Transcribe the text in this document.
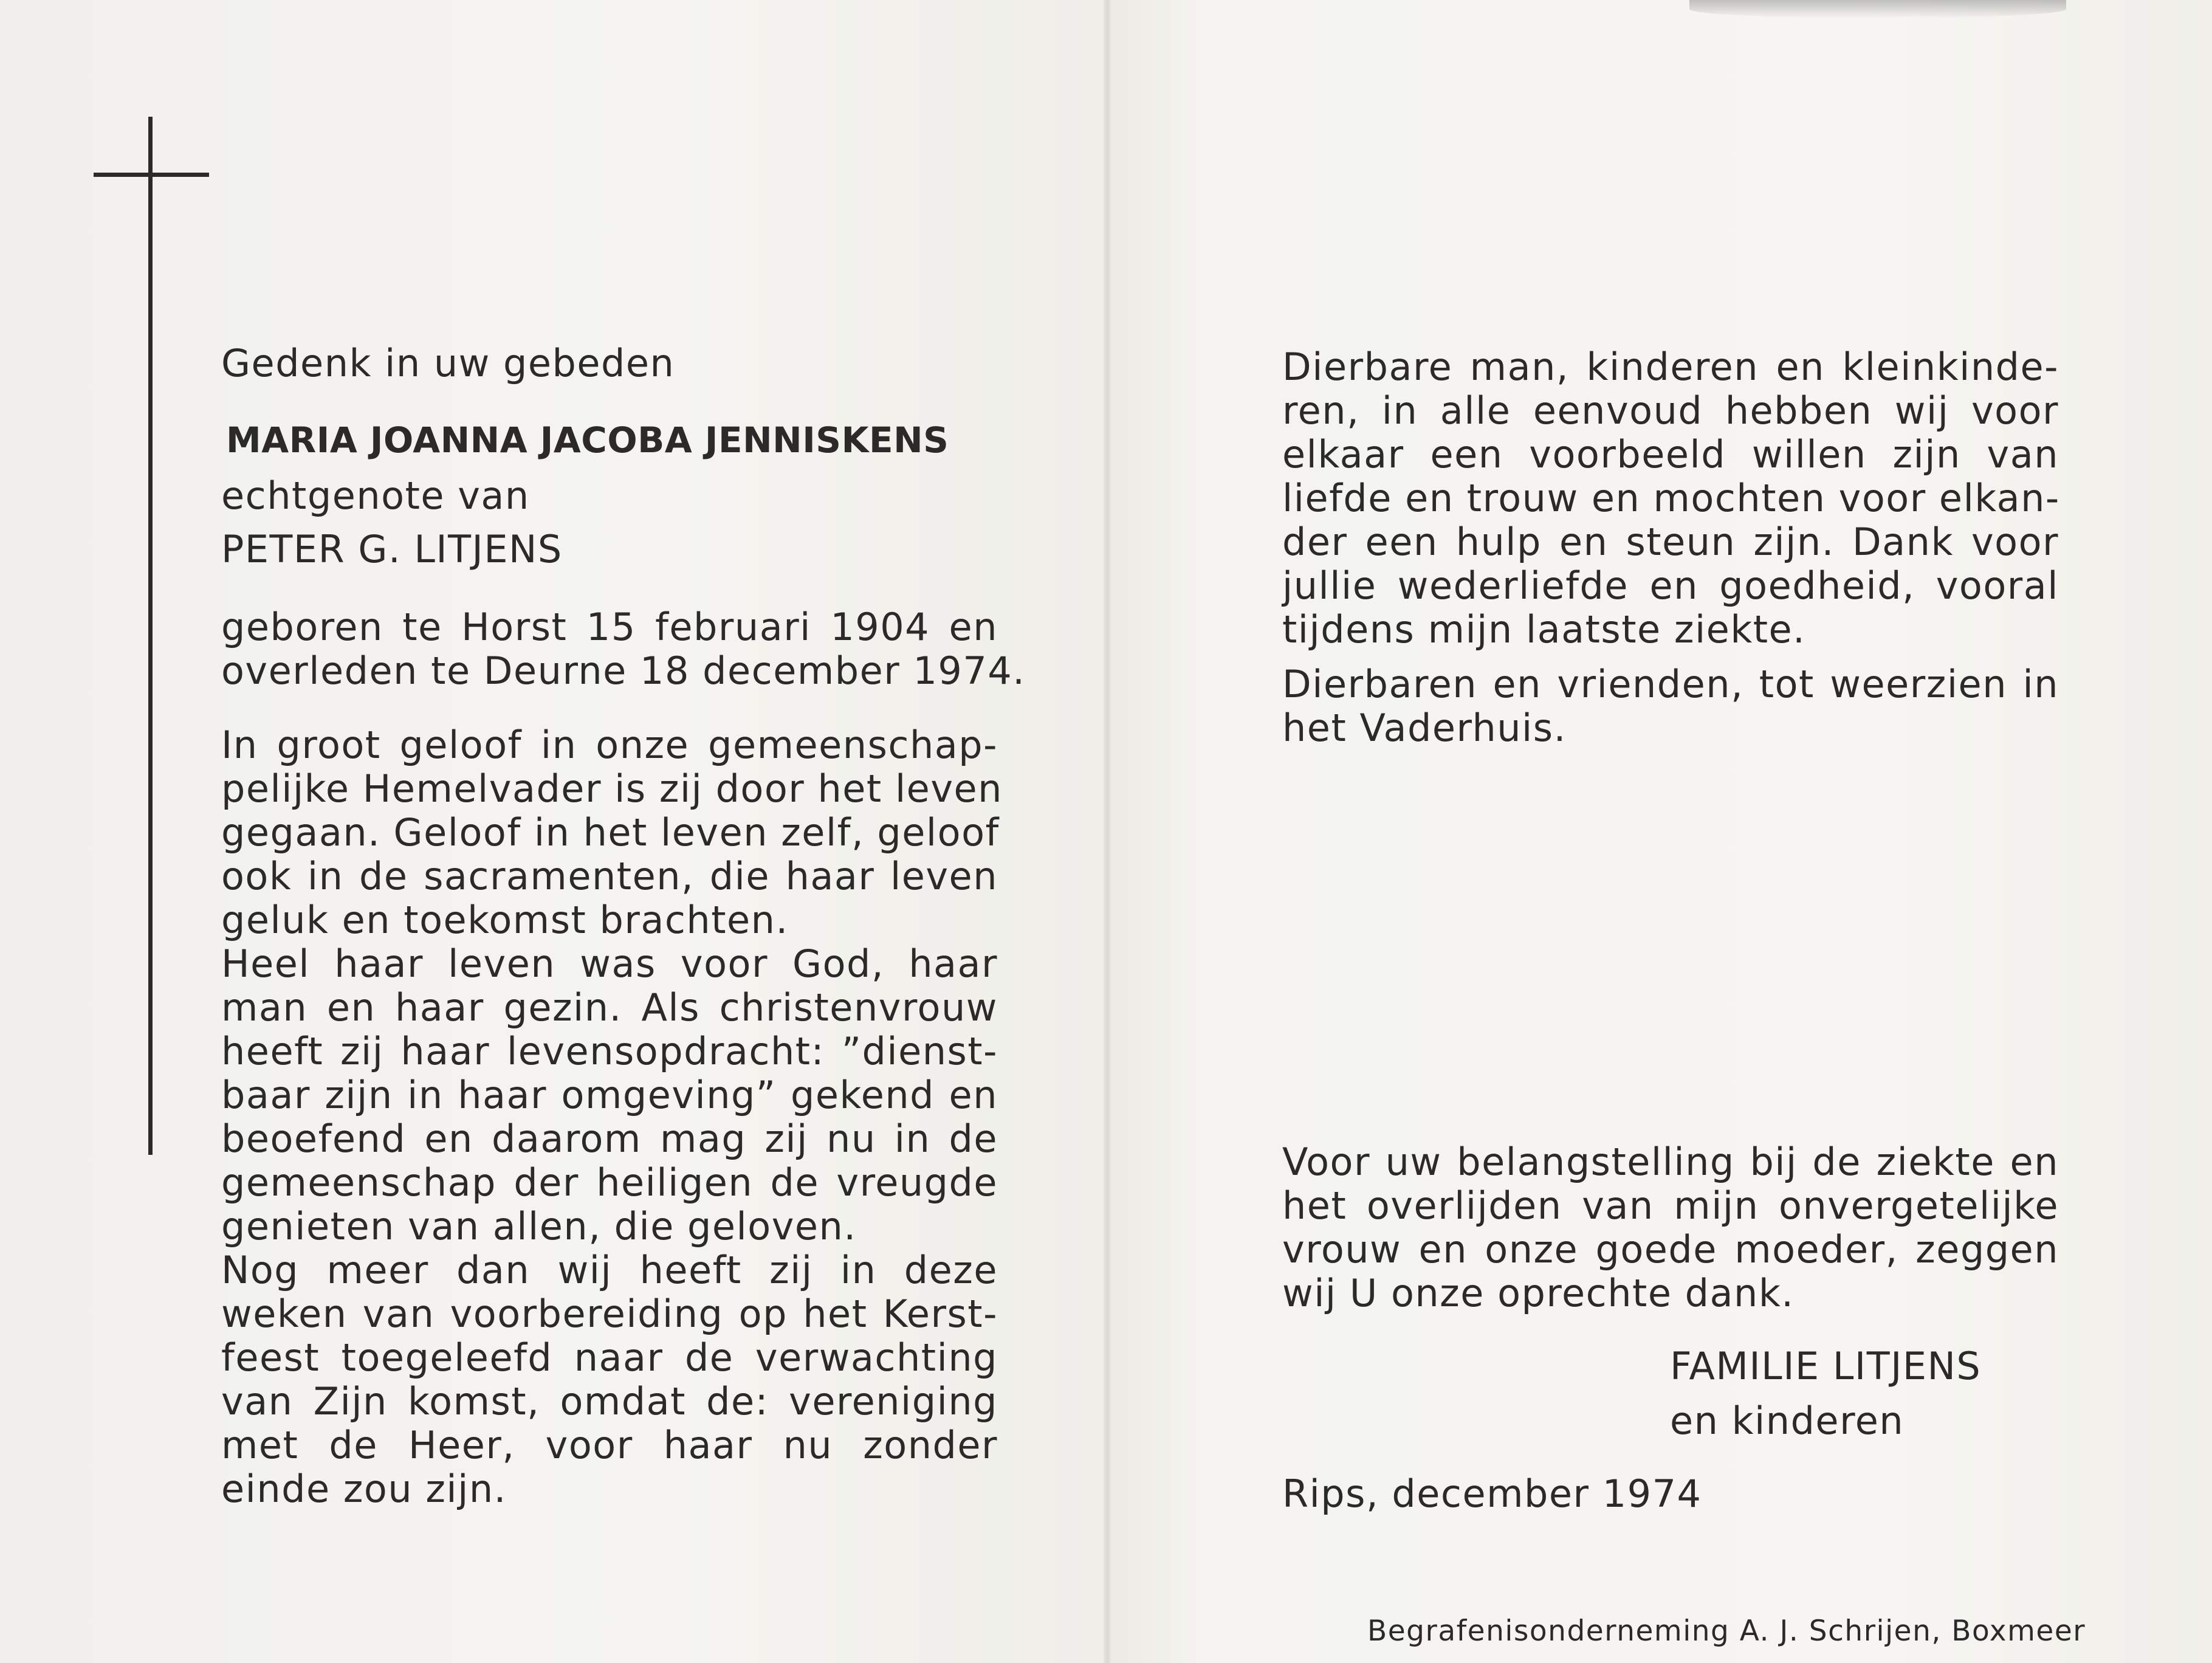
Gedenk in uw gebeden
MARIA JOANNA JACOBA JENNISKENS
echtgenote van
PETER G. LITJENS
geboren te Horst 15 februari 1904 en
overleden te Deurne 18 december 1974.
In groot geloof in onze gemeenschap-
pelijke Hemelvader is zij door het leven
gegaan. Geloof in het leven zelf, geloof
ook in de sacramenten, die haar leven
geluk en toekomst brachten.
Heel haar leven was voor God, haar
man en haar gezin. Als christenvrouw
heeft zij haar levensopdracht: ”dienst-
baar zijn in haar omgeving” gekend en
beoefend en daarom mag zij nu in de
gemeenschap der heiligen de vreugde
genieten van allen, die geloven.
Nog meer dan wij heeft zij in deze
weken van voorbereiding op het Kerst-
feest toegeleefd naar de verwachting
van Zijn komst, omdat de: vereniging
met de Heer, voor haar nu zonder
einde zou zijn.
Dierbare man, kinderen en kleinkinde-
ren, in alle eenvoud hebben wij voor
elkaar een voorbeeld willen zijn van
liefde en trouw en mochten voor elkan-
der een hulp en steun zijn. Dank voor
jullie wederliefde en goedheid, vooral
tijdens mijn laatste ziekte.
Dierbaren en vrienden, tot weerzien in
het Vaderhuis.
Voor uw belangstelling bij de ziekte en
het overlijden van mijn onvergetelijke
vrouw en onze goede moeder, zeggen
wij U onze oprechte dank.
FAMILIE LITJENS
en kinderen
Rips, december 1974
Begrafenisonderneming A. J. Schrijen, Boxmeer
